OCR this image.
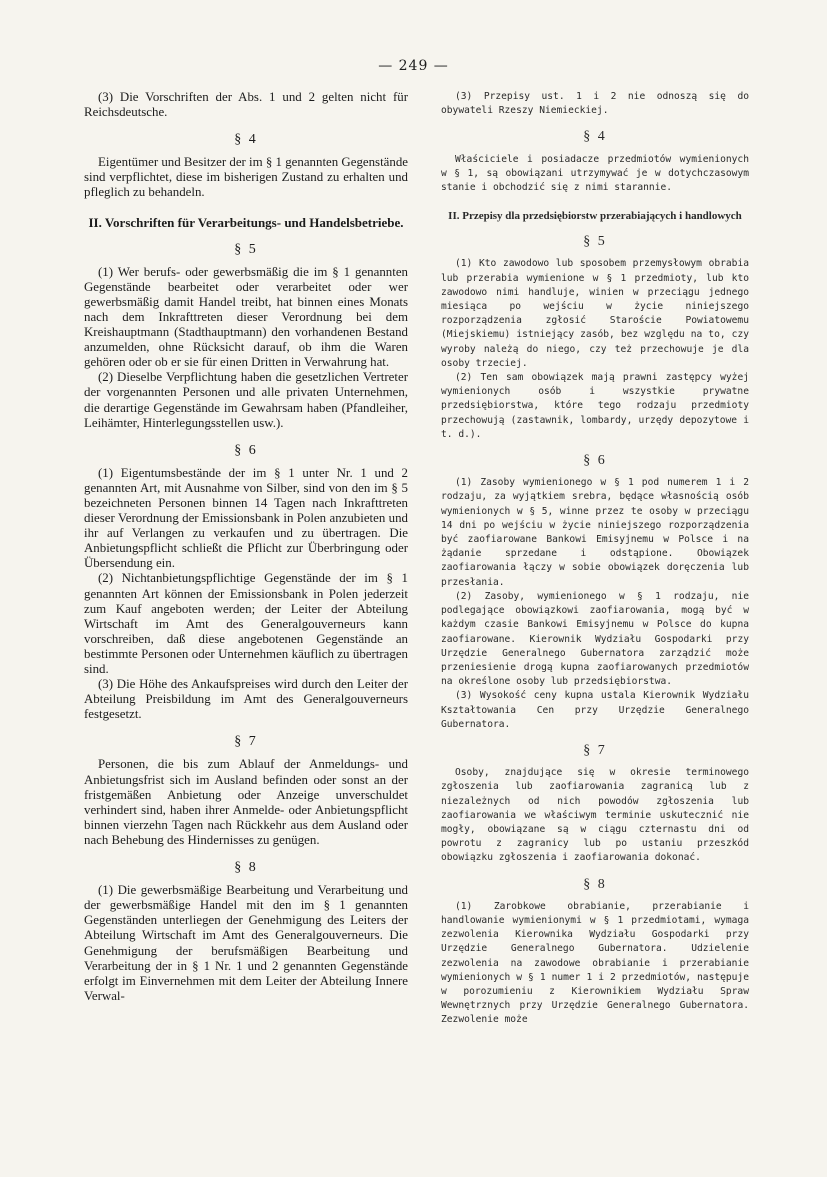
— 249 —

(3) Die Vorschriften der Abs. 1 und 2 gelten nicht für Reichsdeutsche.

§ 4

Eigentümer und Besitzer der im § 1 genannten Gegenstände sind verpflichtet, diese im bisherigen Zustand zu erhalten und pfleglich zu behandeln.

II. Vorschriften für Verarbeitungs- und Handelsbetriebe.
§ 5

(1) Wer berufs- oder gewerbsmäßig die im § 1 genannten Gegenstände bearbeitet oder verarbeitet oder wer gewerbsmäßig damit Handel treibt, hat binnen eines Monats nach dem Inkrafttreten dieser Verordnung bei dem Kreishauptmann (Stadthauptmann) den vorhandenen Bestand anzumelden, ohne Rücksicht darauf, ob ihm die Waren gehören oder ob er sie für einen Dritten in Verwahrung hat.

(2) Dieselbe Verpflichtung haben die gesetzlichen Vertreter der vorgenannten Personen und alle privaten Unternehmen, die derartige Gegenstände im Gewahrsam haben (Pfandleiher, Leihämter, Hinterlegungsstellen usw.).

§ 6

(1) Eigentumsbestände der im § 1 unter Nr. 1 und 2 genannten Art, mit Ausnahme von Silber, sind von den im § 5 bezeichneten Personen binnen 14 Tagen nach Inkrafttreten dieser Verordnung der Emissionsbank in Polen anzubieten und ihr auf Verlangen zu verkaufen und zu übertragen. Die Anbietungspflicht schließt die Pflicht zur Überbringung oder Übersendung ein.

(2) Nichtanbietungspflichtige Gegenstände der im § 1 genannten Art können der Emissionsbank in Polen jederzeit zum Kauf angeboten werden; der Leiter der Abteilung Wirtschaft im Amt des Generalgouverneurs kann vorschreiben, daß diese angebotenen Gegenstände an bestimmte Personen oder Unternehmen käuflich zu übertragen sind.

(3) Die Höhe des Ankaufspreises wird durch den Leiter der Abteilung Preisbildung im Amt des Generalgouverneurs festgesetzt.

§ 7

Personen, die bis zum Ablauf der Anmeldungs- und Anbietungsfrist sich im Ausland befinden oder sonst an der fristgemäßen Anbietung oder Anzeige unverschuldet verhindert sind, haben ihrer Anmelde- oder Anbietungspflicht binnen vierzehn Tagen nach Rückkehr aus dem Ausland oder nach Behebung des Hindernisses zu genügen.

§ 8

(1) Die gewerbsmäßige Bearbeitung und Verarbeitung und der gewerbsmäßige Handel mit den im § 1 genannten Gegenständen unterliegen der Genehmigung des Leiters der Abteilung Wirtschaft im Amt des Generalgouverneurs. Die Genehmigung der berufsmäßigen Bearbeitung und Verarbeitung der in § 1 Nr. 1 und 2 genannten Gegenstände erfolgt im Einvernehmen mit dem Leiter der Abteilung Innere Verwal-

(3) Przepisy ust. 1 i 2 nie odnoszą się do obywateli Rzeszy Niemieckiej.

§ 4

Właściciele i posiadacze przedmiotów wymienionych w § 1, są obowiązani utrzymywać je w dotychczasowym stanie i obchodzić się z nimi starannie.

II. Przepisy dla przedsiębiorstw przerabiających i handlowych
§ 5

(1) Kto zawodowo lub sposobem przemysłowym obrabia lub przerabia wymienione w § 1 przedmioty, lub kto zawodowo nimi handluje, winien w przeciągu jednego miesiąca po wejściu w życie niniejszego rozporządzenia zgłosić Staroście Powiatowemu (Miejskiemu) istniejący zasób, bez względu na to, czy wyroby należą do niego, czy też przechowuje je dla osoby trzeciej.

(2) Ten sam obowiązek mają prawni zastępcy wyżej wymienionych osób i wszystkie prywatne przedsiębiorstwa, które tego rodzaju przedmioty przechowują (zastawnik, lombardy, urzędy depozytowe i t. d.).

§ 6

(1) Zasoby wymienionego w § 1 pod numerem 1 i 2 rodzaju, za wyjątkiem srebra, będące własnością osób wymienionych w § 5, winne przez te osoby w przeciągu 14 dni po wejściu w życie niniejszego rozporządzenia być zaofiarowane Bankowi Emisyjnemu w Polsce i na żądanie sprzedane i odstąpione. Obowiązek zaofiarowania łączy w sobie obowiązek doręczenia lub przesłania.

(2) Zasoby, wymienionego w § 1 rodzaju, nie podlegające obowiązkowi zaofiarowania, mogą być w każdym czasie Bankowi Emisyjnemu w Polsce do kupna zaofiarowane. Kierownik Wydziału Gospodarki przy Urzędzie Generalnego Gubernatora zarządzić może przeniesienie drogą kupna zaofiarowanych przedmiotów na określone osoby lub przedsiębiorstwa.

(3) Wysokość ceny kupna ustala Kierownik Wydziału Kształtowania Cen przy Urzędzie Generalnego Gubernatora.

§ 7

Osoby, znajdujące się w okresie terminowego zgłoszenia lub zaofiarowania zagranicą lub z niezależnych od nich powodów zgłoszenia lub zaofiarowania we właściwym terminie uskutecznić nie mogły, obowiązane są w ciągu czternastu dni od powrotu z zagranicy lub po ustaniu przeszkód obowiązku zgłoszenia i zaofiarowania dokonać.

§ 8

(1) Zarobkowe obrabianie, przerabianie i handlowanie wymienionymi w § 1 przedmiotami, wymaga zezwolenia Kierownika Wydziału Gospodarki przy Urzędzie Generalnego Gubernatora. Udzielenie zezwolenia na zawodowe obrabianie i przerabianie wymienionych w § 1 numer 1 i 2 przedmiotów, następuje w porozumieniu z Kierownikiem Wydziału Spraw Wewnętrznych przy Urzędzie Generalnego Gubernatora. Zezwolenie może
